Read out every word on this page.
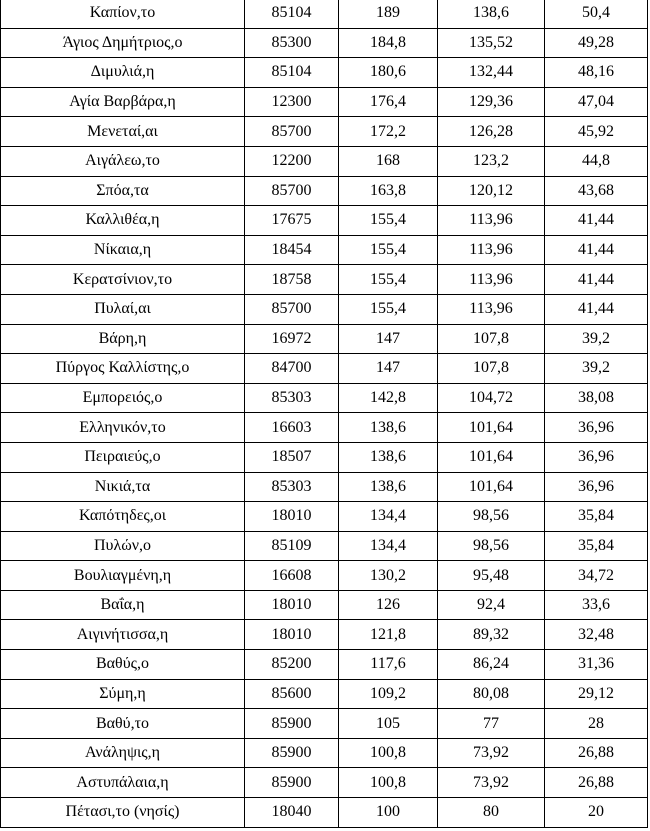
Καπίον,το	85104	189	138,6	50,4
Άγιος Δημήτριος,ο	85300	184,8	135,52	49,28
Διμυλιά,η	85104	180,6	132,44	48,16
Αγία Βαρβάρα,η	12300	176,4	129,36	47,04
Μενεταί,αι	85700	172,2	126,28	45,92
Αιγάλεω,το	12200	168	123,2	44,8
Σπόα,τα	85700	163,8	120,12	43,68
Καλλιθέα,η	17675	155,4	113,96	41,44
Νίκαια,η	18454	155,4	113,96	41,44
Κερατσίνιον,το	18758	155,4	113,96	41,44
Πυλαί,αι	85700	155,4	113,96	41,44
Βάρη,η	16972	147	107,8	39,2
Πύργος Καλλίστης,ο	84700	147	107,8	39,2
Εμπορειός,ο	85303	142,8	104,72	38,08
Ελληνικόν,το	16603	138,6	101,64	36,96
Πειραιεύς,ο	18507	138,6	101,64	36,96
Νικιά,τα	85303	138,6	101,64	36,96
Καπότηδες,οι	18010	134,4	98,56	35,84
Πυλών,ο	85109	134,4	98,56	35,84
Βουλιαγμένη,η	16608	130,2	95,48	34,72
Βαΐα,η	18010	126	92,4	33,6
Αιγινήτισσα,η	18010	121,8	89,32	32,48
Βαθύς,ο	85200	117,6	86,24	31,36
Σύμη,η	85600	109,2	80,08	29,12
Βαθύ,το	85900	105	77	28
Ανάληψις,η	85900	100,8	73,92	26,88
Αστυπάλαια,η	85900	100,8	73,92	26,88
Πέτασι,το (νησίς)	18040	100	80	20
